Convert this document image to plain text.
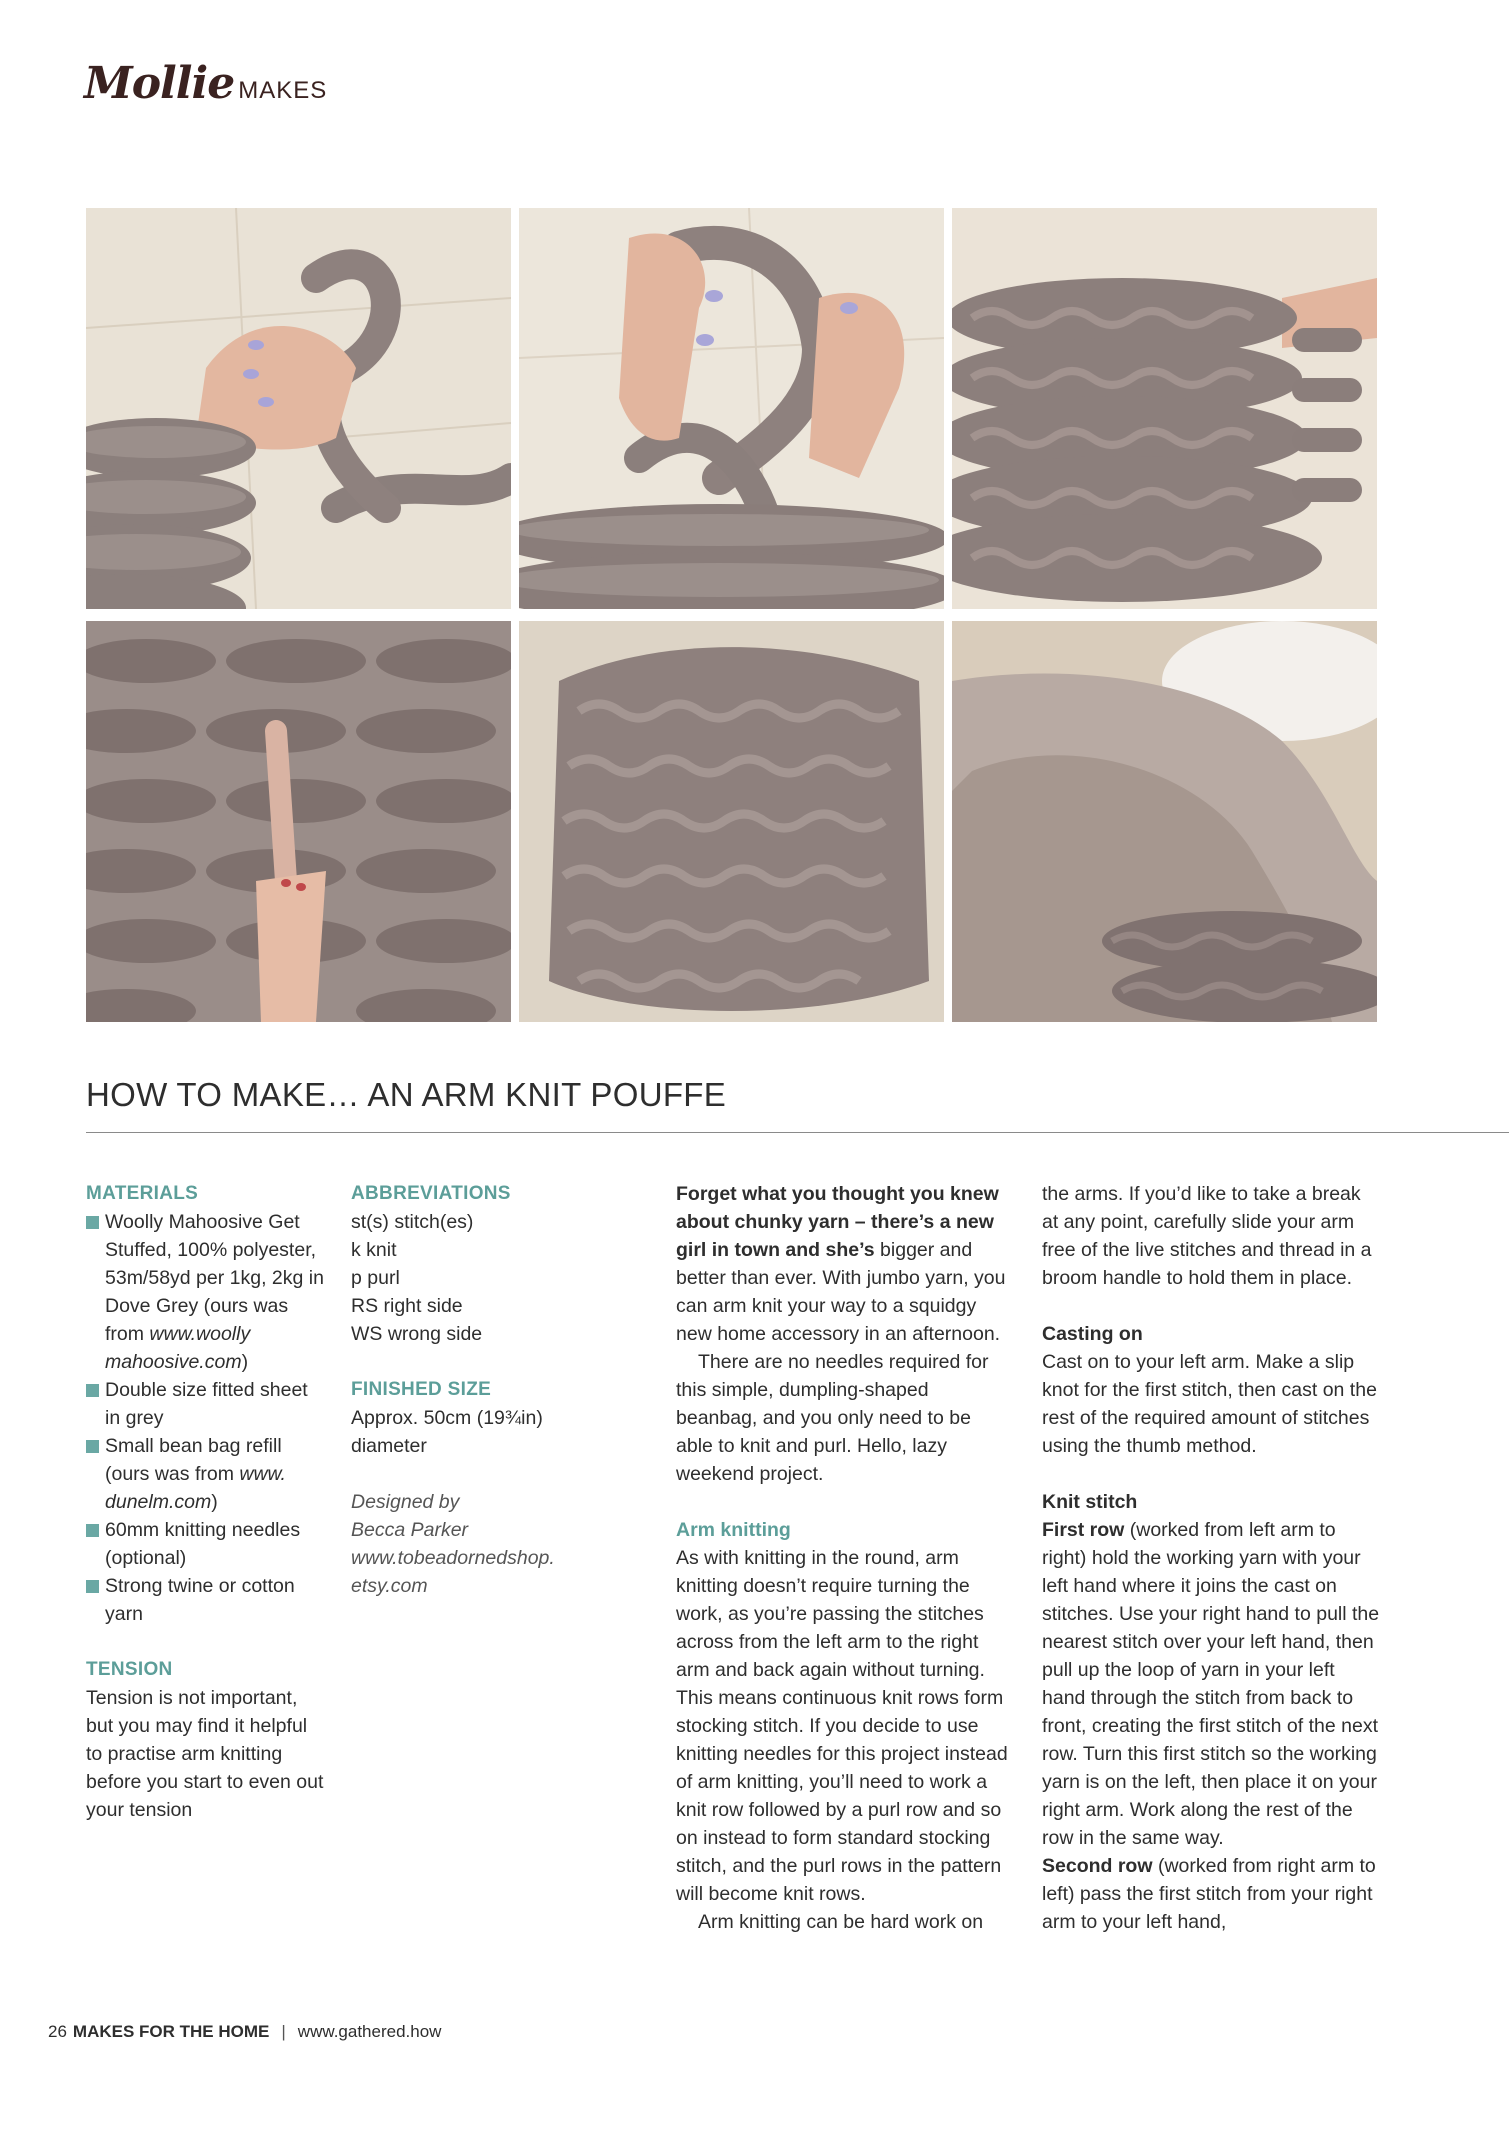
Mollie MAKES
HOW TO MAKE… AN ARM KNIT POUFFE
MATERIALS
Woolly Mahoosive Get Stuffed, 100% polyester, 53m/58yd per 1kg, 2kg in Dove Grey (ours was from www.woolly mahoosive.com)
Double size fitted sheet in grey
Small bean bag refill (ours was from www. dunelm.com)
60mm knitting needles (optional)
Strong twine or cotton yarn
TENSION
Tension is not important, but you may find it helpful to practise arm knitting before you start to even out your tension
ABBREVIATIONS
st(s) stitch(es)
k knit
p purl
RS right side
WS wrong side
FINISHED SIZE
Approx. 50cm (19¾in) diameter
Designed by
Becca Parker
www.tobeadornedshop.
etsy.com
Forget what you thought you knew about chunky yarn – there’s a new girl in town and she’s bigger and better than ever. With jumbo yarn, you can arm knit your way to a squidgy new home accessory in an afternoon.
There are no needles required for this simple, dumpling-shaped beanbag, and you only need to be able to knit and purl. Hello, lazy weekend project.
Arm knitting
As with knitting in the round, arm knitting doesn’t require turning the work, as you’re passing the stitches across from the left arm to the right arm and back again without turning. This means continuous knit rows form stocking stitch. If you decide to use knitting needles for this project instead of arm knitting, you’ll need to work a knit row followed by a purl row and so on instead to form standard stocking stitch, and the purl rows in the pattern will become knit rows.
Arm knitting can be hard work on
the arms. If you’d like to take a break at any point, carefully slide your arm free of the live stitches and thread in a broom handle to hold them in place.
Casting on
Cast on to your left arm. Make a slip knot for the first stitch, then cast on the rest of the required amount of stitches using the thumb method.
Knit stitch
First row (worked from left arm to right) hold the working yarn with your left hand where it joins the cast on stitches. Use your right hand to pull the nearest stitch over your left hand, then pull up the loop of yarn in your left hand through the stitch from back to front, creating the first stitch of the next row. Turn this first stitch so the working yarn is on the left, then place it on your right arm. Work along the rest of the row in the same way.
Second row (worked from right arm to left) pass the first stitch from your right arm to your left hand,
26 MAKES FOR THE HOME | www.gathered.how
